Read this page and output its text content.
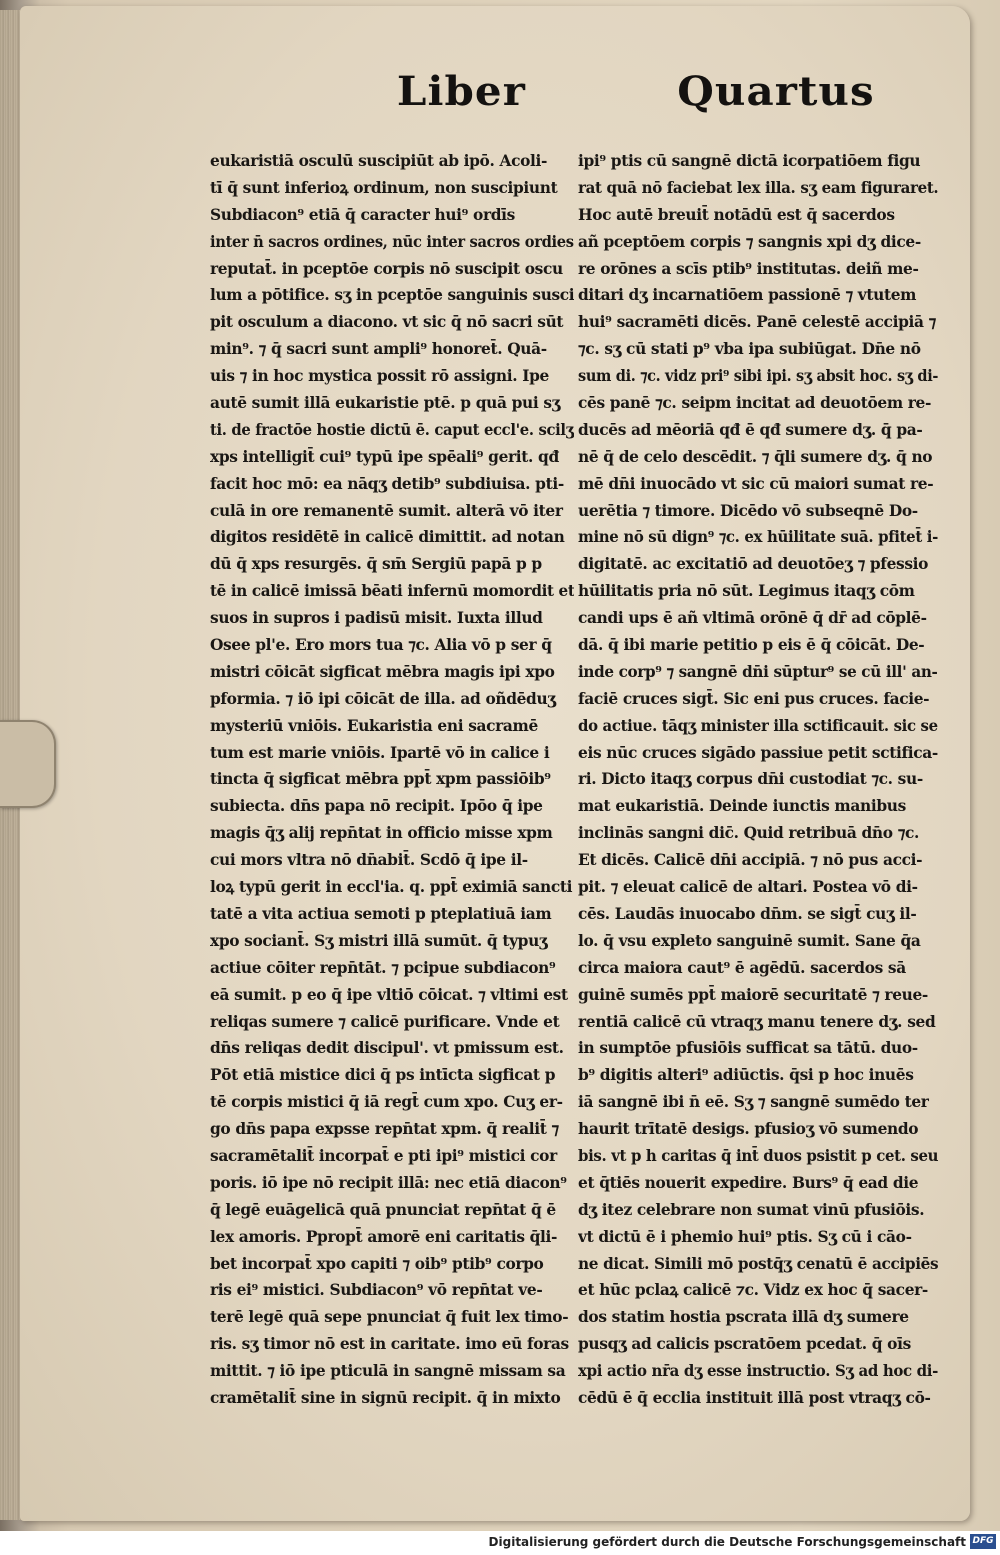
Liber	Quartus
eukaristiā osculū suscipiūt ab ipō. Acoli-
tī q̄ sunt inferioꝝ ordinum, non suscipiunt
Subdiacon⁹ etiā q̄ caracter hui⁹ ordīs
inter n̄ sacros ordines, nūc inter sacros ordies
reputat̄. in pceptōe corpis nō suscipit oscu
lum a pōtifice. sʒ in pceptōe sanguinis susci
pit osculum a diacono. vt sic q̄ nō sacri sūt
min⁹. ⁊ q̄ sacri sunt ampli⁹ honoret̄. Quā-
uis ⁊ in hoc mystica possit rō assigni. Ipe
autē sumit illā eukaristie ptē. p quā pui sʒ
ti. de fractōe hostie dictū ē. caput eccl'e. scilʒ
xps intelligit̄ cui⁹ typū ipe spēali⁹ gerit. qđ
facit hoc mō: ea nāqʒ detib⁹ subdiuisa. pti-
culā in ore remanentē sumit. alterā vō iter
digitos residētē in calicē dimittit. ad notan
dū q̄ xps resurgēs. q̄ sm̄ Sergiū papā p p
tē in calicē imissā bēati infernū momordit et
suos in supros i padisū misit. Iuxta illud
Osee pl'e. Ero mors tua ⁊c. Alia vō p ser q̄
mistri cōicāt sigficat mēbra magis ipi xpo
pformia. ⁊ iō ipi cōicāt de illa. ad oñdēduʒ
mysteriū vniōis. Eukaristia eni sacramē
tum est marie vniōis. Ipartē vō in calice i
tincta q̄ sigficat mēbra ppt̄ xpm passiōib⁹
subiecta. dn̄s papa nō recipit. Ipōo q̄ ipe
magis q̄ʒ alij repn̄tat in officio misse xpm
cui mors vltra nō dn̄abit̄. Scdō q̄ ipe il-
loꝝ typū gerit in eccl'ia. q. ppt̄ eximiā sancti
tatē a vita actiua semoti p pteplatiuā iam
xpo sociant̄. Sʒ mistri illā sumūt. q̄ typuʒ
actiue cōiter repn̄tāt. ⁊ pcipue subdiacon⁹
eā sumit. p eo q̄ ipe vltiō cōicat. ⁊ vltimi est
reliqas sumere ⁊ calicē purificare. Vnde et
dn̄s reliqas dedit discipul'. vt pmissum est.
Pōt etiā mistice dici q̄ ps intīcta sigficat p
tē corpis mistici q̄ iā regt̄ cum xpo. Cuʒ er-
go dn̄s papa expsse repn̄tat xpm. q̄ realit̄ ⁊
sacramētalit̄ incorpat̄ e pti ipi⁹ mistici cor
poris. iō ipe nō recipit illā: nec etiā diacon⁹
q̄ legē euāgelicā quā pnunciat repn̄tat q̄ ē
lex amoris. Ppropt̄ amorē eni caritatis q̄li-
bet incorpat̄ xpo capiti ⁊ oib⁹ ptib⁹ corpo
ris ei⁹ mistici. Subdiacon⁹ vō repn̄tat ve-
terē legē quā sepe pnunciat q̄ fuit lex timo-
ris. sʒ timor nō est in caritate. imo eū foras
mittit. ⁊ iō ipe pticulā in sangnē missam sa
cramētalit̄ sine in signū recipit. q̄ in mixto
ipi⁹ ptis cū sangnē dictā icorpatiōem figu
rat quā nō faciebat lex illa. sʒ eam figuraret.
Hoc autē breuit̄ notādū est q̄ sacerdos
añ pceptōem corpis ⁊ sangnis xpi dʒ dice-
re orōnes a scīs ptib⁹ institutas. deiñ me-
ditari dʒ incarnatiōem passionē ⁊ vtutem
hui⁹ sacramēti dicēs. Panē celestē accipiā ⁊
⁊c. sʒ cū stati p⁹ vba ipa subiūgat. Dn̄e nō
sum di. ⁊c. vidz pri⁹ sibi ipi. sʒ absit hoc. sʒ di-
cēs panē ⁊c. seipm incitat ad deuotōem re-
ducēs ad mēoriā qđ ē qđ sumere dʒ. q̄ pa-
nē q̄ de celo descēdit. ⁊ q̄li sumere dʒ. q̄ no
mē dn̄i inuocādo vt sic cū maiori sumat re-
uerētia ⁊ timore. Dicēdo vō subseqnē Do-
mine nō sū dign⁹ ⁊c. ex hūilitate suā. pfitet̄ i-
digitatē. ac excitatiō ad deuotōeʒ ⁊ pfessio
hūilitatis pria nō sūt. Legimus itaqʒ cōm
candi ups ē añ vltimā orōnē q̄ dr̄ ad cōplē-
dā. q̄ ibi marie petitio p eis ē q̄ cōicāt. De-
inde corp⁹ ⁊ sangnē dn̄i sūptur⁹ se cū ill' an-
faciē cruces sigt̄. Sic eni pus cruces. facie-
do actiue. tāqʒ minister illa sctificauit. sic se
eis nūc cruces sigādo passiue petit sctifica-
ri. Dicto itaqʒ corpus dn̄i custodiat ⁊c. su-
mat eukaristiā. Deinde iunctis manibus
inclinās sangni dic̄. Quid retribuā dn̄o ⁊c.
Et dicēs. Calicē dn̄i accipiā. ⁊ nō pus acci-
pit. ⁊ eleuat calicē de altari. Postea vō di-
cēs. Laudās inuocabo dn̄m. se sigt̄ cuʒ il-
lo. q̄ vsu expleto sanguinē sumit. Sane q̄a
circa maiora caut⁹ ē agēdū. sacerdos sā
guinē sumēs ppt̄ maiorē securitatē ⁊ reue-
rentiā calicē cū vtraqʒ manu tenere dʒ. sed
in sumptōe pfusiōis sufficat sa tātū. duo-
b⁹ digitis alteri⁹ adiūctis. q̄si p hoc inuēs
iā sangnē ibi n̄ eē. Sʒ ⁊ sangnē sumēdo ter
haurit trītatē desigs. pfusioʒ vō sumendo
bis. vt p h caritas q̄ int̄ duos psistit p cet. seu
et q̄tiēs nouerit expedire. Burs⁹ q̄ ead die
dʒ itez celebrare non sumat vinū pfusiōis.
vt dictū ē i phemio hui⁹ ptis. Sʒ cū i cāo-
ne dicat. Simili mō postq̄ʒ cenatū ē accipiēs
et hūc pclaꝝ calicē ⁊c. Vidz ex hoc q̄ sacer-
dos statim hostia pscrata illā dʒ sumere
pusqʒ ad calicis pscratōem pcedat. q̄ oīs
xpi actio nr̄a dʒ esse instructio. Sʒ ad hoc di-
cēdū ē q̄ ecclia instituit illā post vtraqʒ cō-
Digitalisierung gefördert durch die Deutsche Forschungsgemeinschaft DFG
